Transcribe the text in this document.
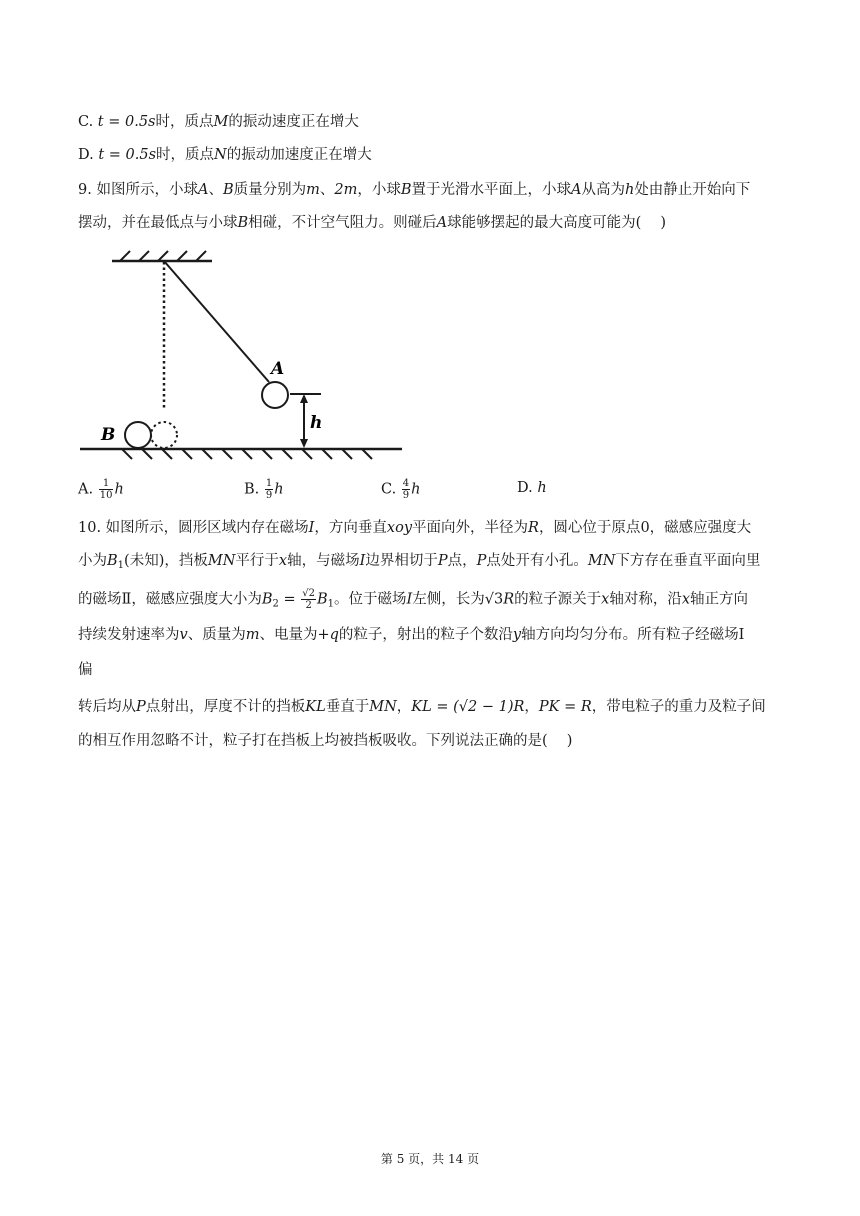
C. t = 0.5s时，质点M的振动速度正在增大
D. t = 0.5s时，质点N的振动加速度正在增大
9. 如图所示，小球A、B质量分别为m、2m，小球B置于光滑水平面上，小球A从高为h处由静止开始向下
摆动，并在最低点与小球B相碰，不计空气阻力。则碰后A球能够摆起的最大高度可能为(　 )
A
h
B
A. $\frac{1}{10}$ h	B. $\frac{1}{9}$ h	C. $\frac{4}{9}$ h	D. h
10. 如图所示，圆形区域内存在磁场I，方向垂直xoy平面向外，半径为R，圆心位于原点0，磁感应强度大
小为$B_1$(未知)，挡板MN平行于x轴，与磁场I边界相切于P点，P点处开有小孔。MN下方存在垂直平面向里
的磁场Ⅱ，磁感应强度大小为$B_2 = \frac{√2}{2} B_1$。位于磁场I左侧，长为√3R的粒子源关于x轴对称，沿x轴正方向
持续发射速率为v、质量为m、电量为+q的粒子，射出的粒子个数沿y轴方向均匀分布。所有粒子经磁场Ⅰ
偏
转后均从P点射出，厚度不计的挡板KL垂直于MN，KL = (√2 − 1)R，PK = R，带电粒子的重力及粒子间
的相互作用忽略不计，粒子打在挡板上均被挡板吸收。下列说法正确的是(　 )
第 5 页，共 14 页
